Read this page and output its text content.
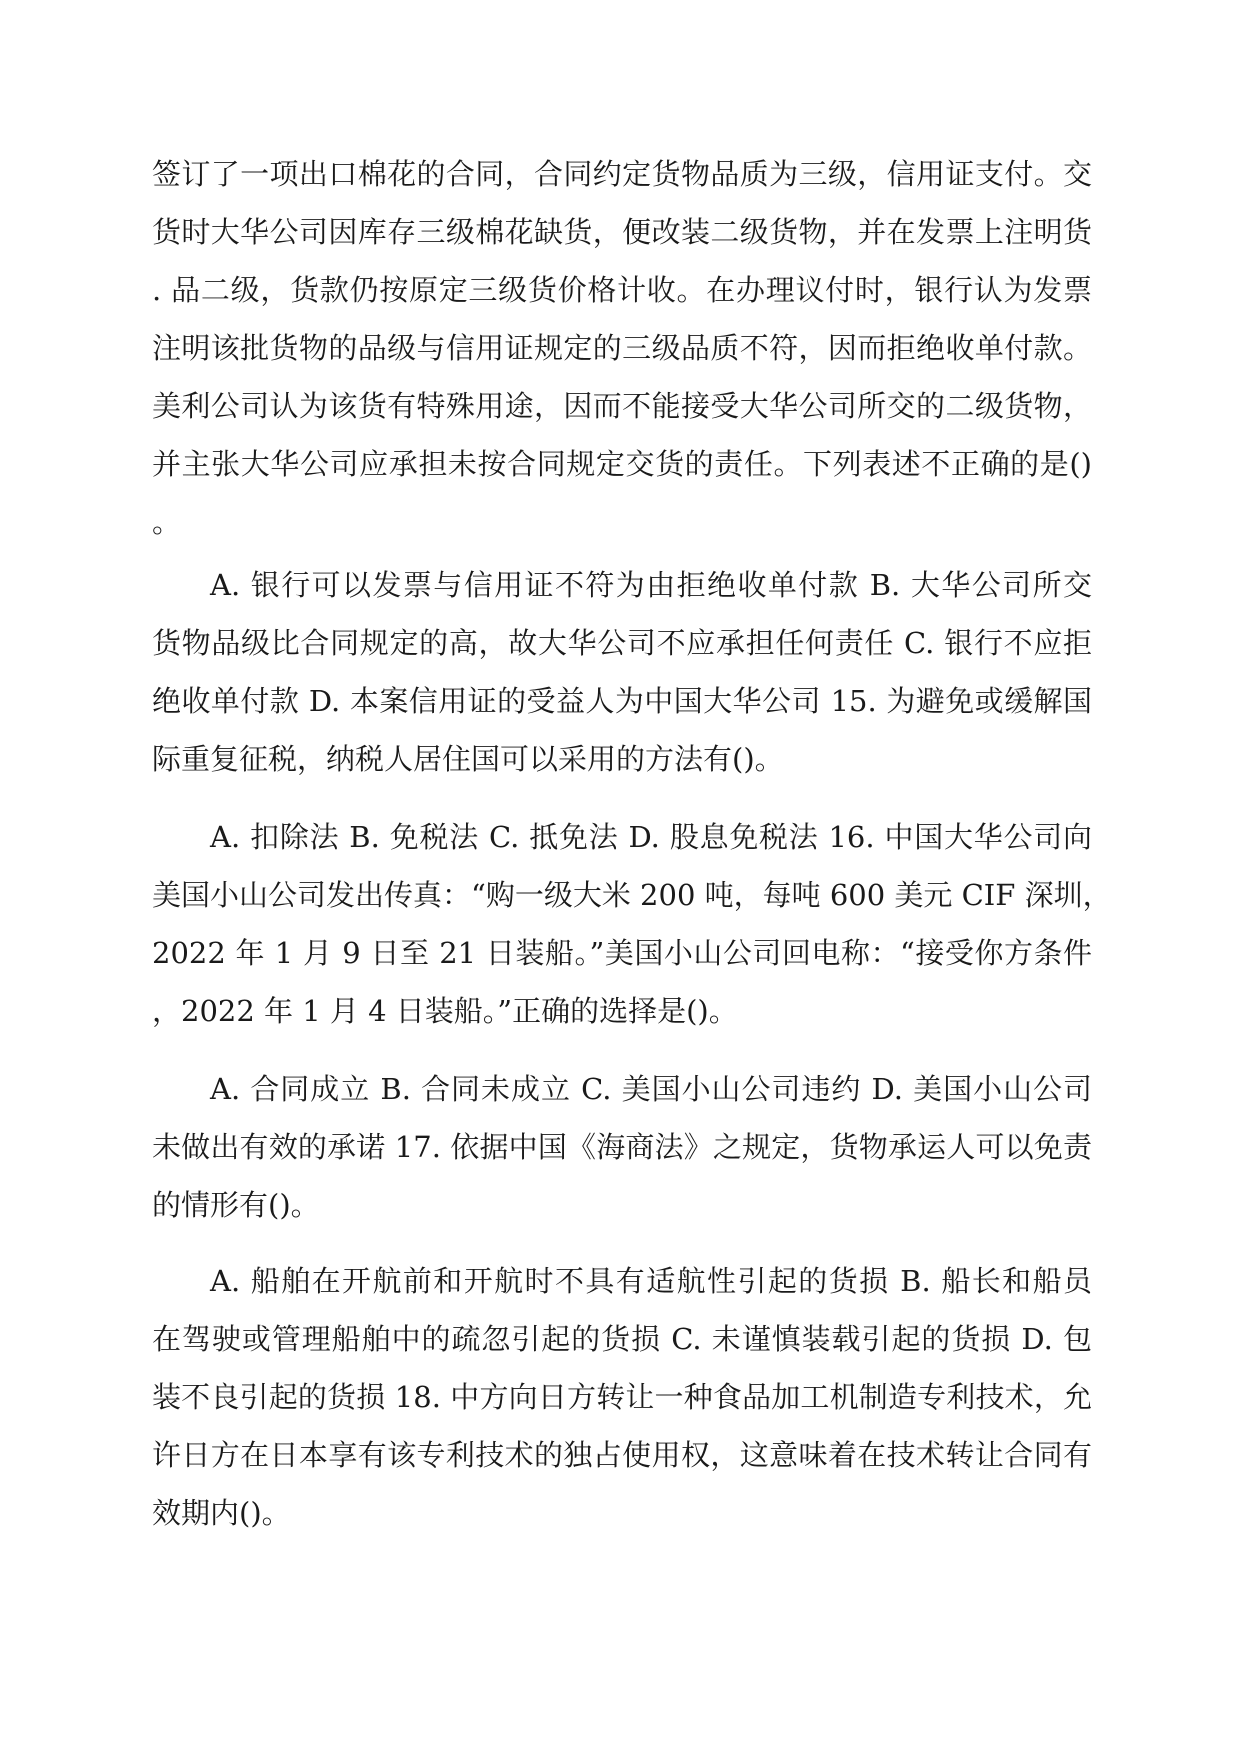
签订了一项出口棉花的合同，合同约定货物品质为三级，信用证支付。交
货时大华公司因库存三级棉花缺货，便改装二级货物，并在发票上注明货
. 品二级，货款仍按原定三级货价格计收。在办理议付时，银行认为发票
注明该批货物的品级与信用证规定的三级品质不符，因而拒绝收单付款。
美利公司认为该货有特殊用途，因而不能接受大华公司所交的二级货物，
并主张大华公司应承担未按合同规定交货的责任。下列表述不正确的是()
。
A. 银行可以发票与信用证不符为由拒绝收单付款 B. 大华公司所交
货物品级比合同规定的高，故大华公司不应承担任何责任 C. 银行不应拒
绝收单付款 D. 本案信用证的受益人为中国大华公司 15. 为避免或缓解国
际重复征税，纳税人居住国可以采用的方法有()。
A. 扣除法 B. 免税法 C. 抵免法 D. 股息免税法 16. 中国大华公司向
美国小山公司发出传真：“购一级大米 200 吨，每吨 600 美元 CIF 深圳，
2022 年 1 月 9 日至 21 日装船。”美国小山公司回电称：“接受你方条件
，2022 年 1 月 4 日装船。”正确的选择是()。
A. 合同成立 B. 合同未成立 C. 美国小山公司违约 D. 美国小山公司
未做出有效的承诺 17. 依据中国《海商法》之规定，货物承运人可以免责
的情形有()。
A. 船舶在开航前和开航时不具有适航性引起的货损 B. 船长和船员
在驾驶或管理船舶中的疏忽引起的货损 C. 未谨慎装载引起的货损 D. 包
装不良引起的货损 18. 中方向日方转让一种食品加工机制造专利技术，允
许日方在日本享有该专利技术的独占使用权，这意味着在技术转让合同有
效期内()。
